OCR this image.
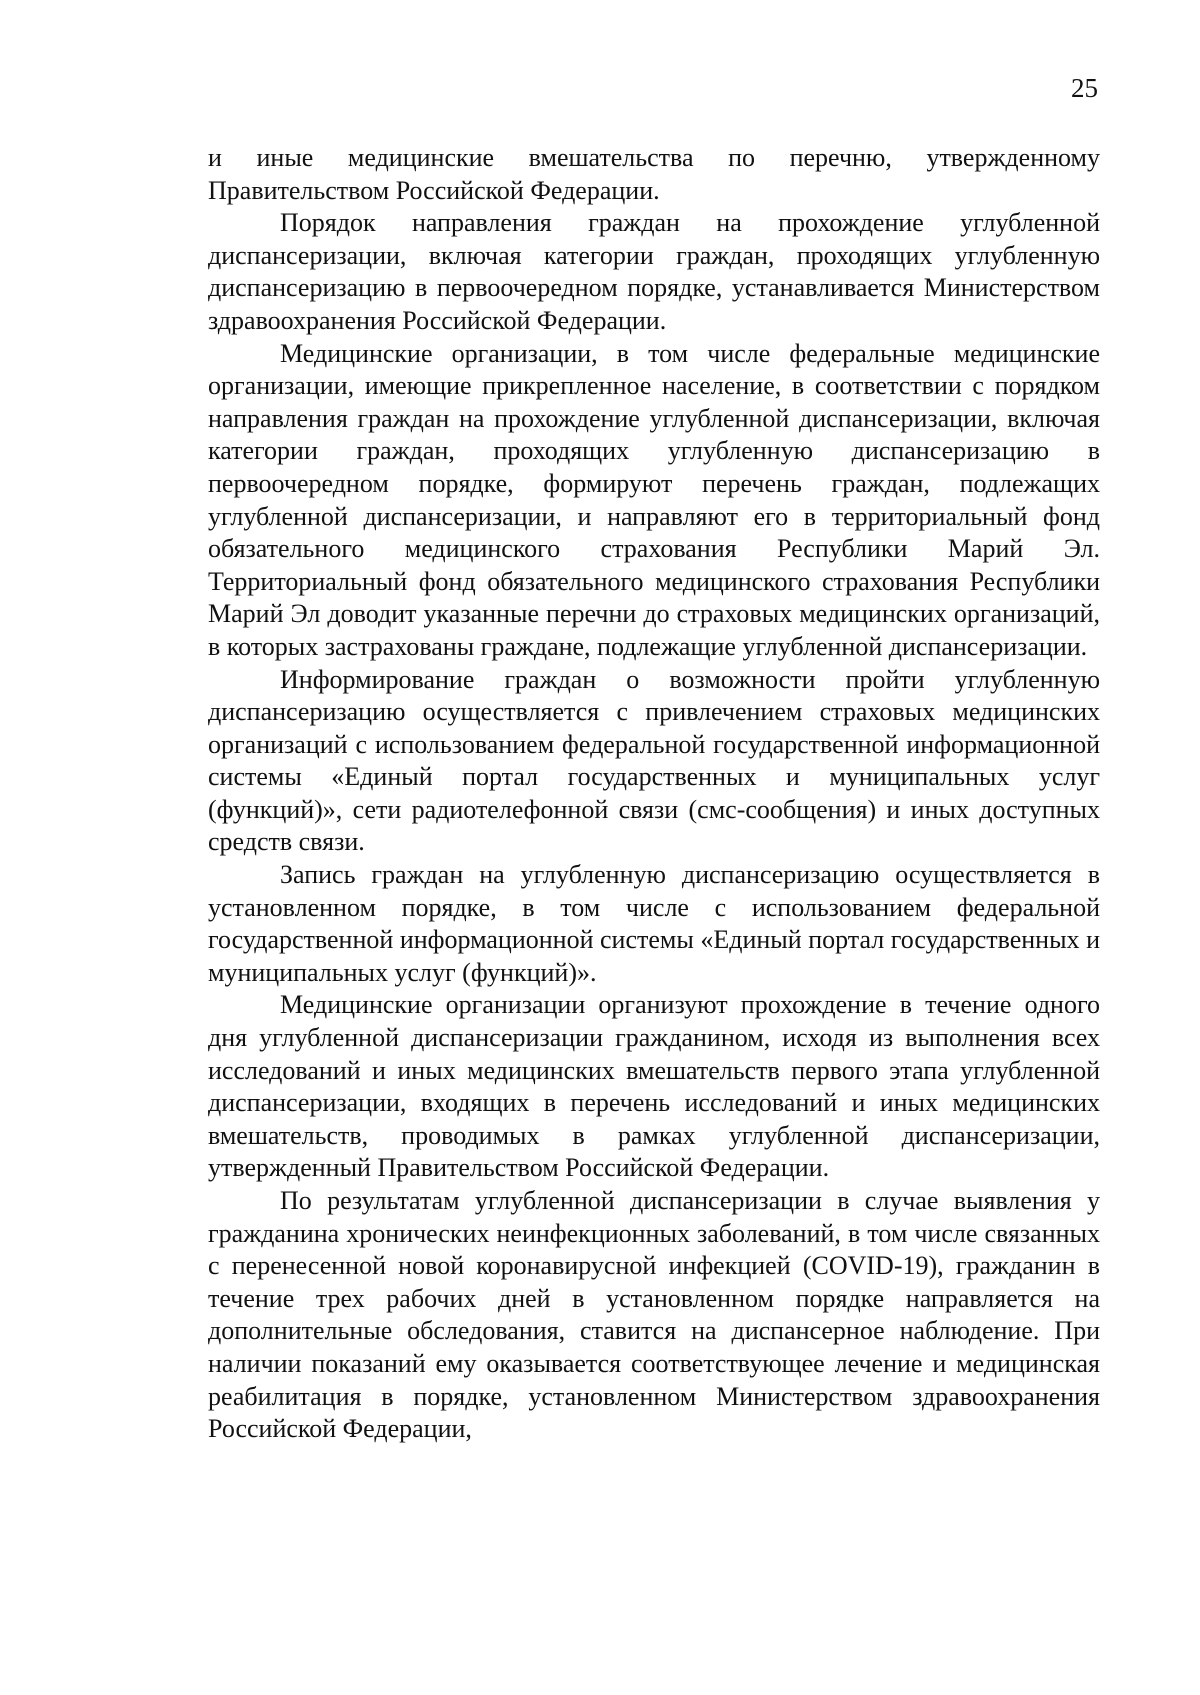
25

и иные медицинские вмешательства по перечню, утвержденному Правительством Российской Федерации.

Порядок направления граждан на прохождение углубленной диспансеризации, включая категории граждан, проходящих углубленную диспансеризацию в первоочередном порядке, устанавливается Министерством здравоохранения Российской Федерации.

Медицинские организации, в том числе федеральные медицинские организации, имеющие прикрепленное население, в соответствии с порядком направления граждан на прохождение углубленной диспансеризации, включая категории граждан, проходящих углубленную диспансеризацию в первоочередном порядке, формируют перечень граждан, подлежащих углубленной диспансеризации, и направляют его в территориальный фонд обязательного медицинского страхования Республики Марий Эл. Территориальный фонд обязательного медицинского страхования Республики Марий Эл доводит указанные перечни до страховых медицинских организаций, в которых застрахованы граждане, подлежащие углубленной диспансеризации.

Информирование граждан о возможности пройти углубленную диспансеризацию осуществляется с привлечением страховых медицинских организаций с использованием федеральной государственной информационной системы «Единый портал государственных и муниципальных услуг (функций)», сети радиотелефонной связи (смс-сообщения) и иных доступных средств связи.

Запись граждан на углубленную диспансеризацию осуществляется в установленном порядке, в том числе с использованием федеральной государственной информационной системы «Единый портал государственных и муниципальных услуг (функций)».

Медицинские организации организуют прохождение в течение одного дня углубленной диспансеризации гражданином, исходя из выполнения всех исследований и иных медицинских вмешательств первого этапа углубленной диспансеризации, входящих в перечень исследований и иных медицинских вмешательств, проводимых в рамках углубленной диспансеризации, утвержденный Правительством Российской Федерации.

По результатам углубленной диспансеризации в случае выявления у гражданина хронических неинфекционных заболеваний, в том числе связанных с перенесенной новой коронавирусной инфекцией (COVID-19), гражданин в течение трех рабочих дней в установленном порядке направляется на дополнительные обследования, ставится на диспансерное наблюдение. При наличии показаний ему оказывается соответствующее лечение и медицинская реабилитация в порядке, установленном Министерством здравоохранения Российской Федерации,
